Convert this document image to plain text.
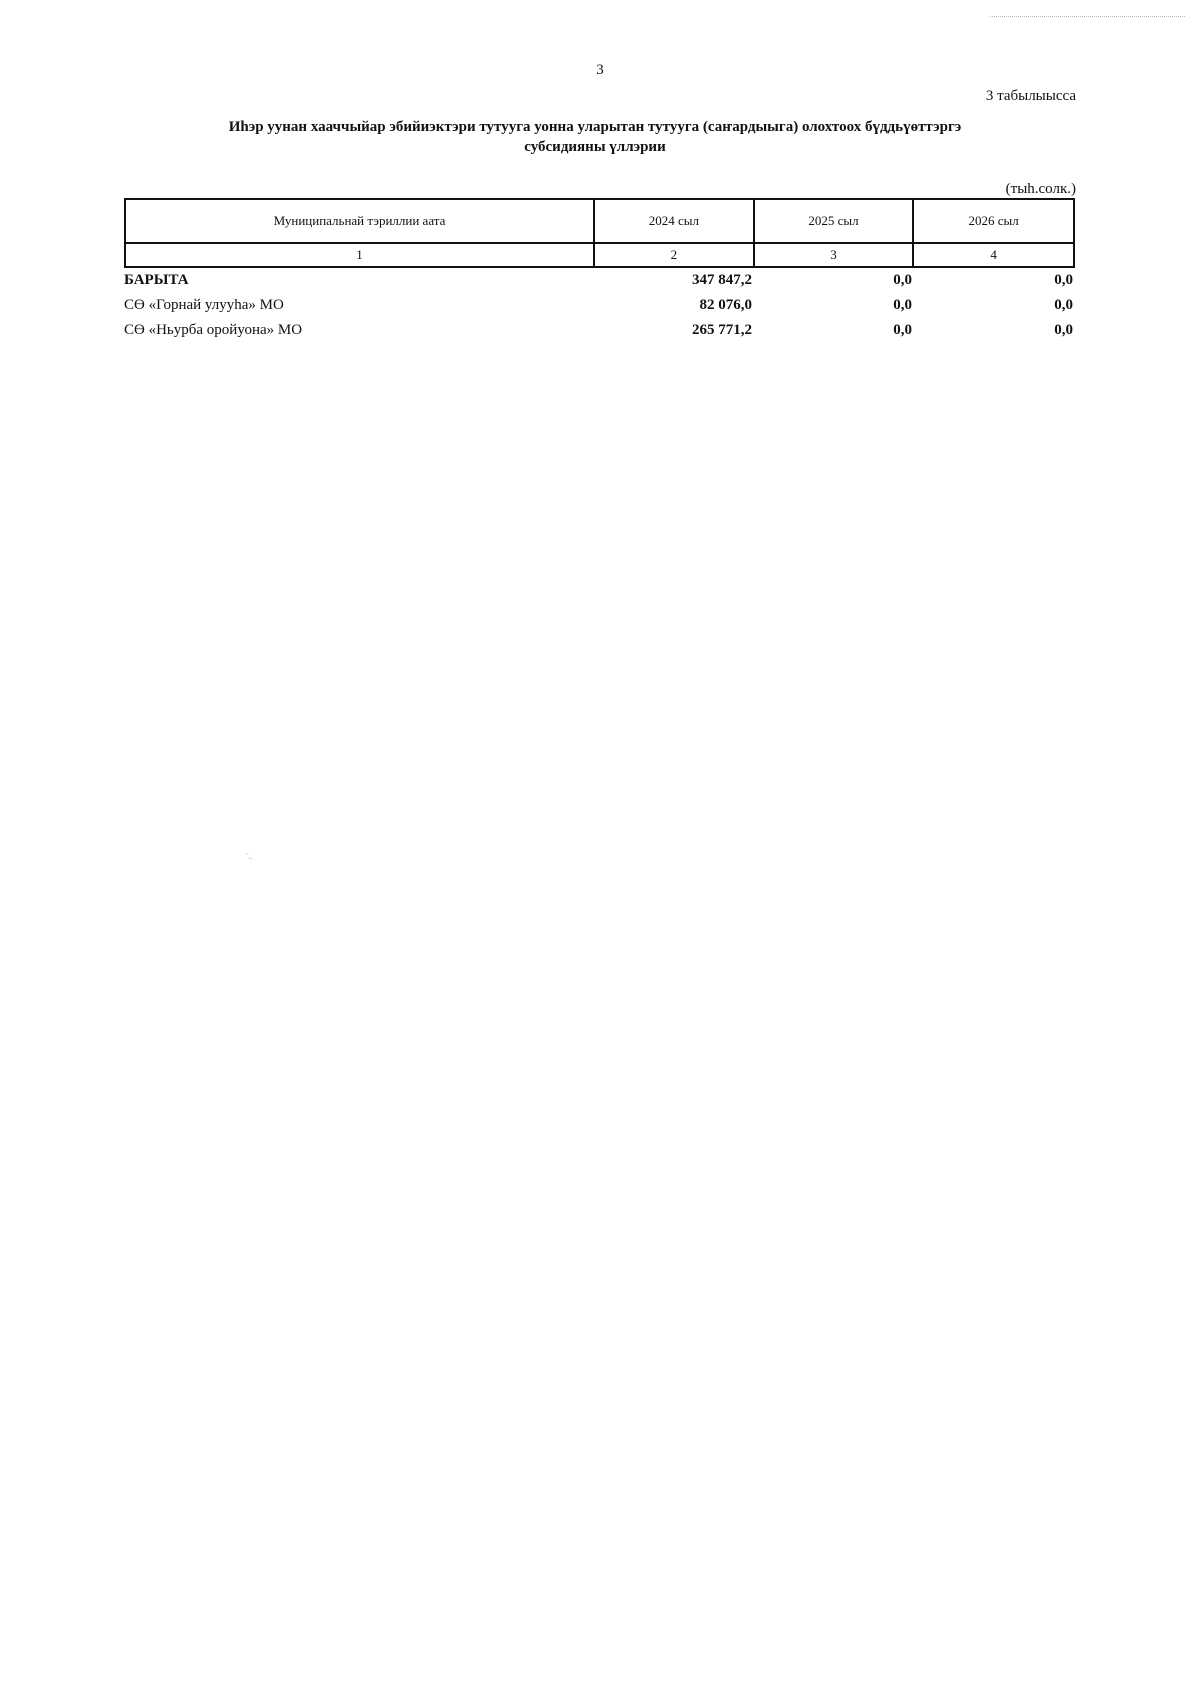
3
3 табылыысса
Иhэр уунан хааччыйар эбийиэктэри тутууга уонна уларытан тутууга (саҥардыыга) олохтоох бүддьүөттэргэ
субсидияны үллэрии
(тыh.солк.)
Муниципальнай тэриллии аата	2024 сыл	2025 сыл	2026 сыл
1	2	3	4
БАРЫТА	347 847,2	0,0	0,0
СӨ «Горнай улууhа» МО	82 076,0	0,0	0,0
СӨ «Ньурба оройуона» МО	265 771,2	0,0	0,0
˜..
